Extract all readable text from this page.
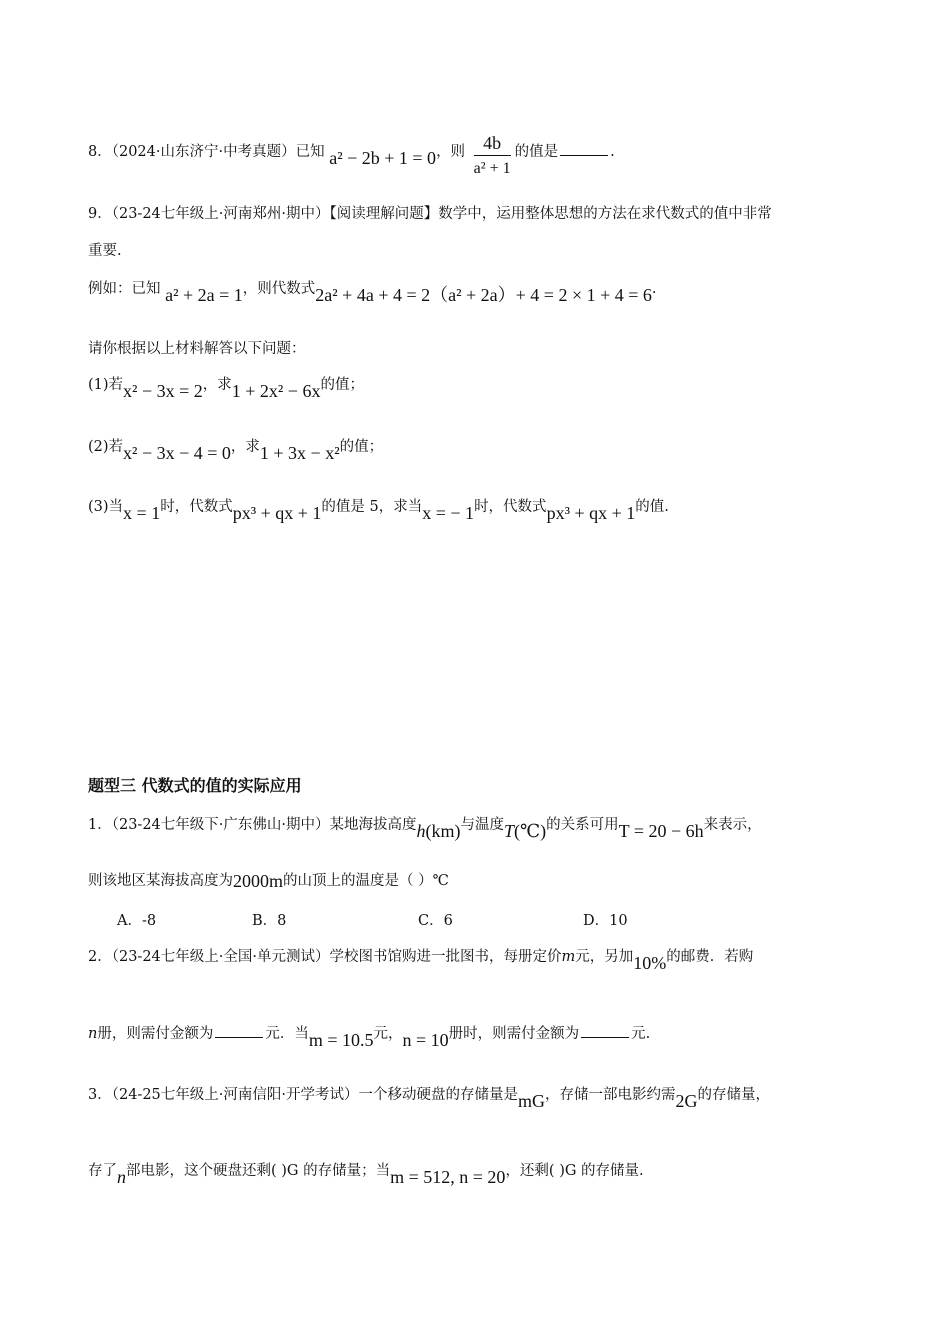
8．（2024·山东济宁·中考真题）已知 a² − 2b + 1 = 0，则 $\frac{4b}{\text{a² + 1}}$ 的值是	.
9．（23-24七年级上·河南郑州·期中）【阅读理解问题】数学中，运用整体思想的方法在求代数式的值中非常
重要.
例如：已知 a² + 2a = 1，则代数式2a² + 4a + 4 = 2（a² + 2a）+ 4 = 2 × 1 + 4 = 6.
请你根据以上材料解答以下问题：
(1)若x² − 3x = 2，求1 + 2x² − 6x的值；
(2)若x² − 3x − 4 = 0，求1 + 3x − x²的值；
(3)当x = 1时，代数式px³ + qx + 1的值是 5，求当x = − 1时，代数式px³ + qx + 1的值.
题型三 代数式的值的实际应用
1．（23-24七年级下·广东佛山·期中）某地海拔高度h(km)与温度T(℃)的关系可用T = 20 − 6h来表示，
则该地区某海拔高度为2000m的山顶上的温度是（ ）℃
A．-8	B．8	C．6	D．10
2．（23-24七年级上·全国·单元测试）学校图书馆购进一批图书，每册定价m元，另加10%的邮费．若购
n册，则需付金额为	元．当m = 10.5元，n = 10册时，则需付金额为	元.
3．（24-25七年级上·河南信阳·开学考试）一个移动硬盘的存储量是mG，存储一部电影约需2G的存储量，
存了n部电影，这个硬盘还剩( )G 的存储量；当m = 512, n = 20，还剩( )G 的存储量.
